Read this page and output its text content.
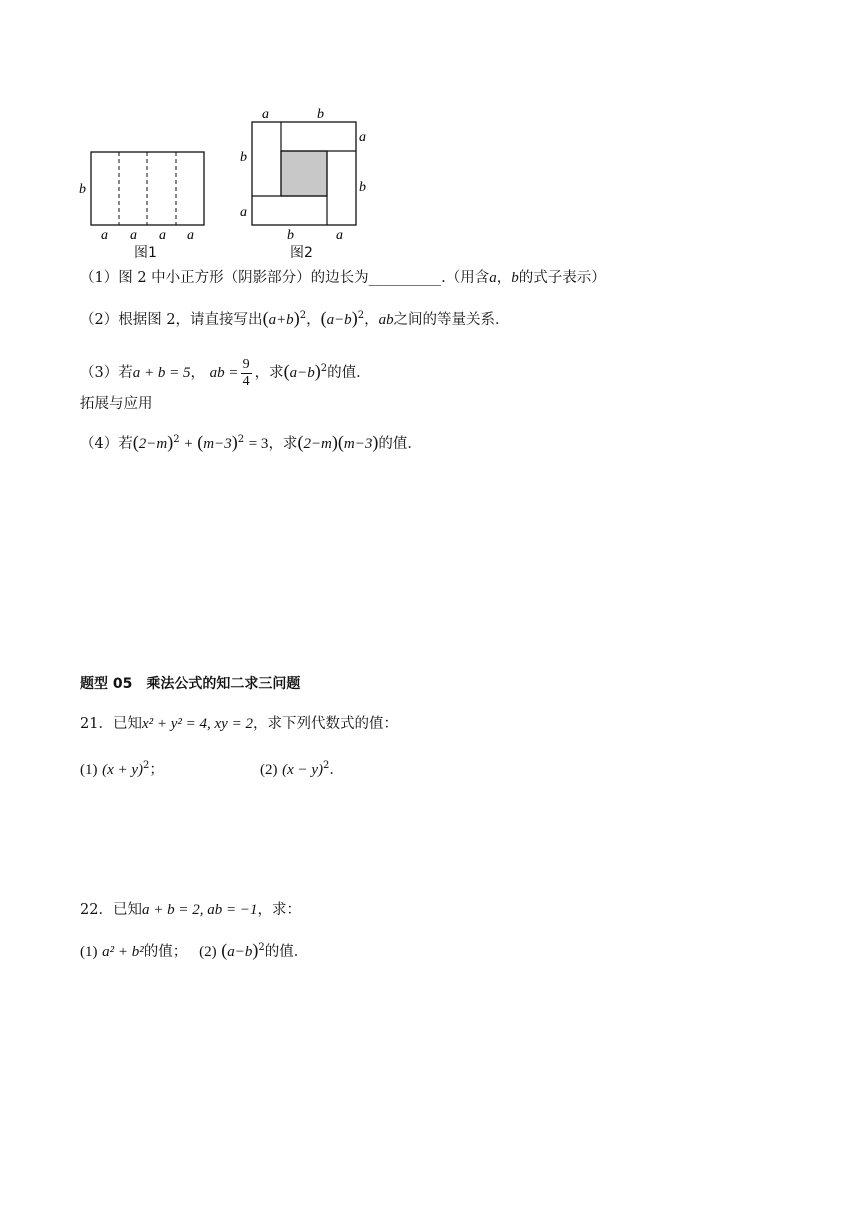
b
a a a a
图1
a	b
a
b
b
a
b	a
图2
（1）图 2 中小正方形（阴影部分）的边长为__________.（用含a，b的式子表示）
（2）根据图 2，请直接写出$(a+b)^2$，$(a-b)^2$，ab之间的等量关系．
（3）若a + b = 5， ab = $\frac{9}{4}$ ，求$(a-b)^2$的值．
拓展与应用
（4）若$(2-m)^2 + (m-3)^2 = 3$，求(2−m)(m−3)的值．
题型 05　乘法公式的知二求三问题
21．已知x² + y² = 4, xy = 2，求下列代数式的值：
(1) $(x + y)^2$；	(2) $(x - y)^2$．
22．已知a + b = 2, ab = −1，求：
(1) a² + b²的值；　 (2) $(a-b)^2$的值．
